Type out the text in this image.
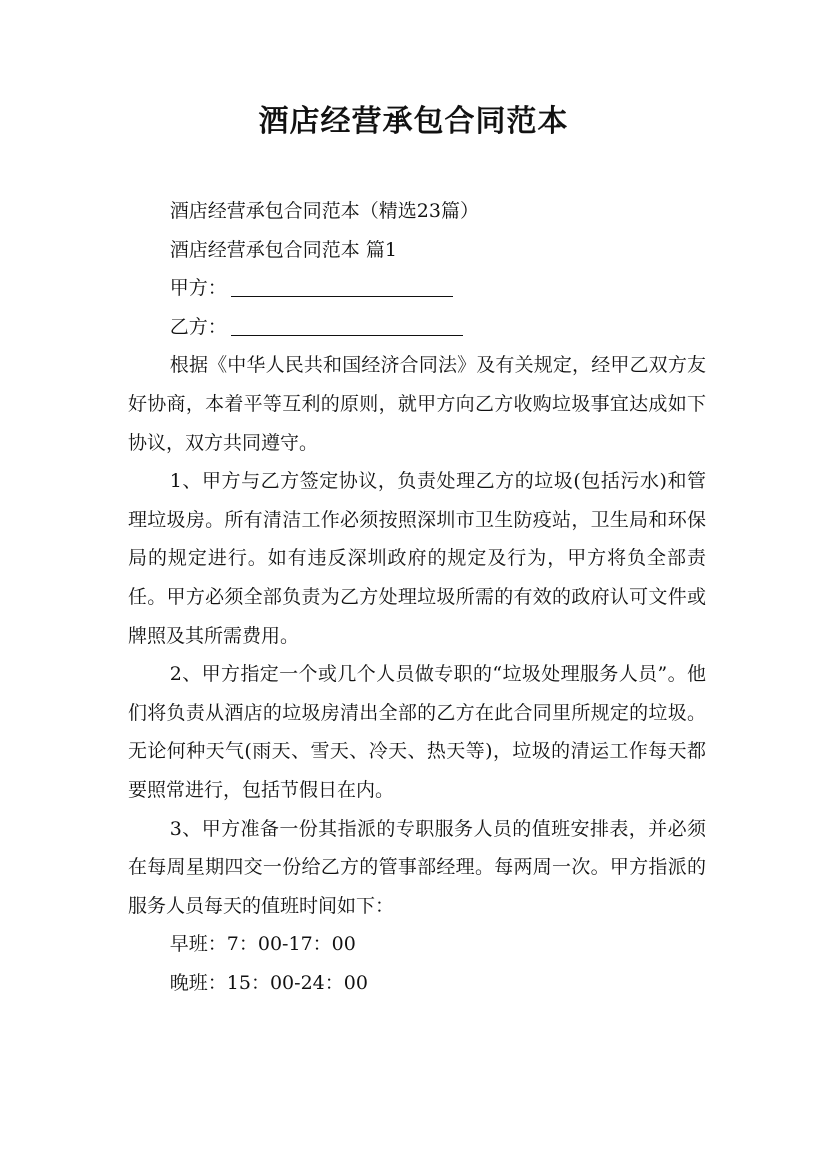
酒店经营承包合同范本

酒店经营承包合同范本（精选23篇）

酒店经营承包合同范本 篇1

甲方：

乙方：

根据《中华人民共和国经济合同法》及有关规定，经甲乙双方友好协商，本着平等互利的原则，就甲方向乙方收购垃圾事宜达成如下协议，双方共同遵守。

1、甲方与乙方签定协议，负责处理乙方的垃圾(包括污水)和管理垃圾房。所有清洁工作必须按照深圳市卫生防疫站，卫生局和环保局的规定进行。如有违反深圳政府的规定及行为，甲方将负全部责任。甲方必须全部负责为乙方处理垃圾所需的有效的政府认可文件或牌照及其所需费用。

2、甲方指定一个或几个人员做专职的“垃圾处理服务人员”。他们将负责从酒店的垃圾房清出全部的乙方在此合同里所规定的垃圾。无论何种天气(雨天、雪天、冷天、热天等)，垃圾的清运工作每天都要照常进行，包括节假日在内。

3、甲方准备一份其指派的专职服务人员的值班安排表，并必须在每周星期四交一份给乙方的管事部经理。每两周一次。甲方指派的服务人员每天的值班时间如下：

早班：7：00-17：00

晚班：15：00-24：00
